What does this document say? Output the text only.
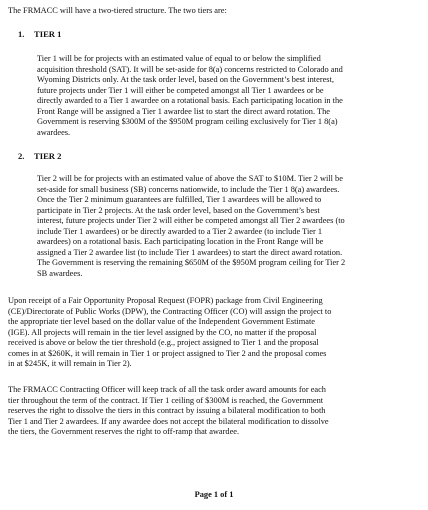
The FRMACC will have a two-tiered structure. The two tiers are:

1. TIER 1

Tier 1 will be for projects with an estimated value of equal to or below the simplified
acquisition threshold (SAT). It will be set-aside for 8(a) concerns restricted to Colorado and
Wyoming Districts only. At the task order level, based on the Government’s best interest,
future projects under Tier 1 will either be competed amongst all Tier 1 awardees or be
directly awarded to a Tier 1 awardee on a rotational basis. Each participating location in the
Front Range will be assigned a Tier 1 awardee list to start the direct award rotation. The
Government is reserving $300M of the $950M program ceiling exclusively for Tier 1 8(a)
awardees.

2. TIER 2

Tier 2 will be for projects with an estimated value of above the SAT to $10M. Tier 2 will be
set-aside for small business (SB) concerns nationwide, to include the Tier 1 8(a) awardees.
Once the Tier 2 minimum guarantees are fulfilled, Tier 1 awardees will be allowed to
participate in Tier 2 projects. At the task order level, based on the Government’s best
interest, future projects under Tier 2 will either be competed amongst all Tier 2 awardees (to
include Tier 1 awardees) or be directly awarded to a Tier 2 awardee (to include Tier 1
awardees) on a rotational basis. Each participating location in the Front Range will be
assigned a Tier 2 awardee list (to include Tier 1 awardees) to start the direct award rotation.
The Government is reserving the remaining $650M of the $950M program ceiling for Tier 2
SB awardees.
Upon receipt of a Fair Opportunity Proposal Request (FOPR) package from Civil Engineering
(CE)/Directorate of Public Works (DPW), the Contracting Officer (CO) will assign the project to
the appropriate tier level based on the dollar value of the Independent Government Estimate
(IGE). All projects will remain in the tier level assigned by the CO, no matter if the proposal
received is above or below the tier threshold (e.g., project assigned to Tier 1 and the proposal
comes in at $260K, it will remain in Tier 1 or project assigned to Tier 2 and the proposal comes
in at $245K, it will remain in Tier 2).
The FRMACC Contracting Officer will keep track of all the task order award amounts for each
tier throughout the term of the contract. If Tier 1 ceiling of $300M is reached, the Government
reserves the right to dissolve the tiers in this contract by issuing a bilateral modification to both
Tier 1 and Tier 2 awardees. If any awardee does not accept the bilateral modification to dissolve
the tiers, the Government reserves the right to off-ramp that awardee.
Page 1 of 1
